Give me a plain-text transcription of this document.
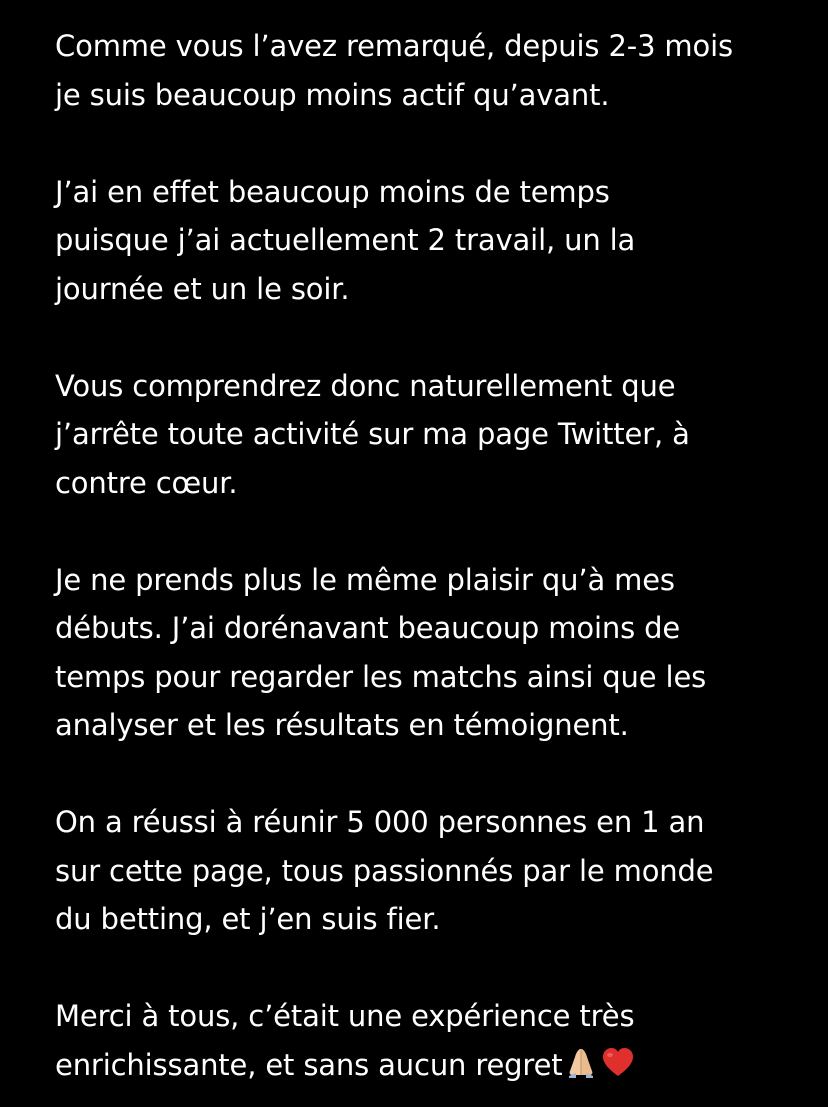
Comme vous l’avez remarqué, depuis 2-3 mois
je suis beaucoup moins actif qu’avant.

J’ai en effet beaucoup moins de temps
puisque j’ai actuellement 2 travail, un la
journée et un le soir.

Vous comprendrez donc naturellement que
j’arrête toute activité sur ma page Twitter, à
contre cœur.

Je ne prends plus le même plaisir qu’à mes
débuts. J’ai dorénavant beaucoup moins de
temps pour regarder les matchs ainsi que les
analyser et les résultats en témoignent.

On a réussi à réunir 5 000 personnes en 1 an
sur cette page, tous passionnés par le monde
du betting, et j’en suis fier.

Merci à tous, c’était une expérience très
enrichissante, et sans aucun regret
